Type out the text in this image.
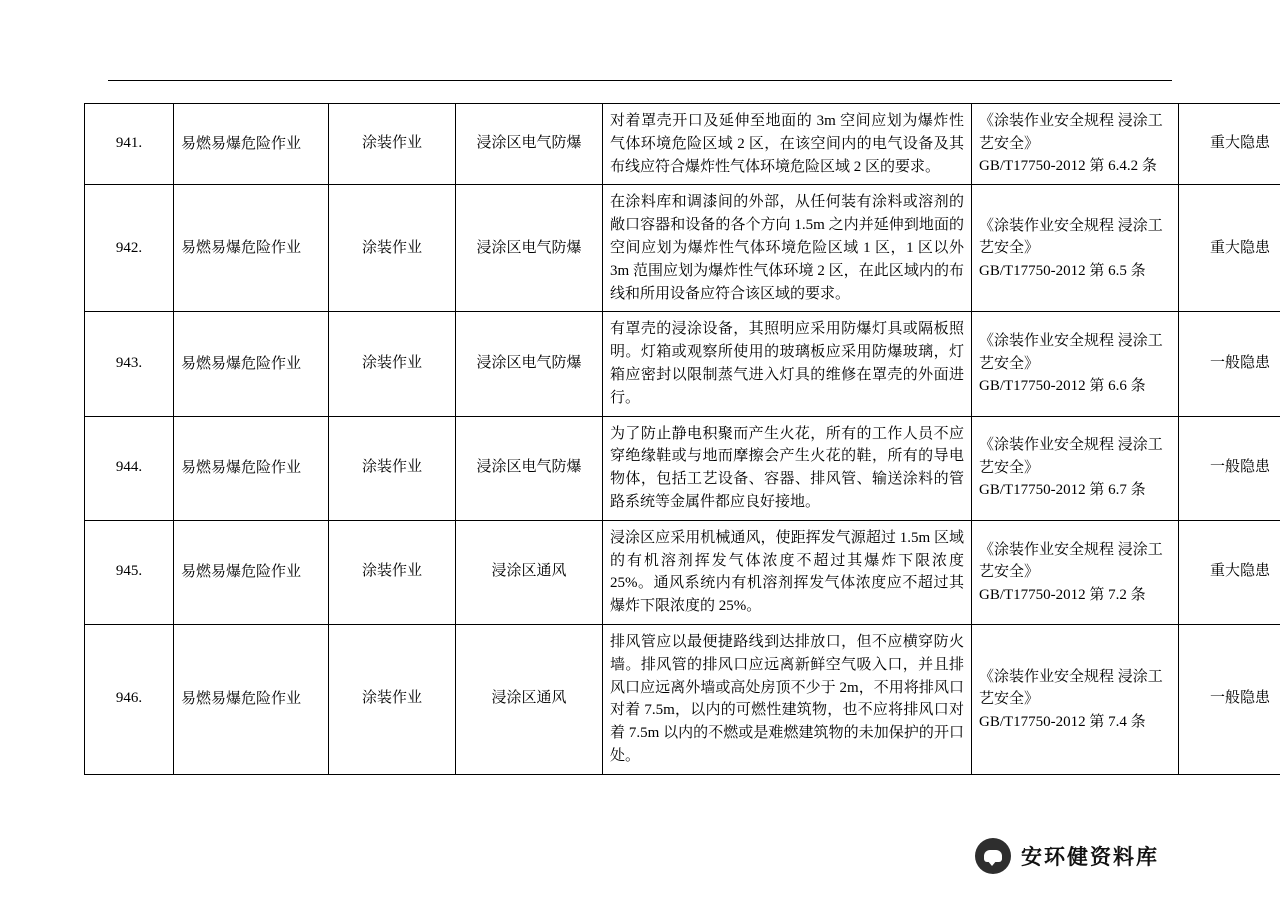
941.	易燃易爆危险作业	涂装作业	浸涂区电气防爆	对着罩壳开口及延伸至地面的 3m 空间应划为爆炸性气体环境危险区域 2 区，在该空间内的电气设备及其布线应符合爆炸性气体环境危险区域 2 区的要求。	《涂装作业安全规程 浸涂工艺安全》
GB/T17750-2012 第 6.4.2 条	重大隐患
942.	易燃易爆危险作业	涂装作业	浸涂区电气防爆	在涂料库和调漆间的外部，从任何装有涂料或溶剂的敞口容器和设备的各个方向 1.5m 之内并延伸到地面的空间应划为爆炸性气体环境危险区域 1 区，1 区以外 3m 范围应划为爆炸性气体环境 2 区，在此区域内的布线和所用设备应符合该区域的要求。	《涂装作业安全规程 浸涂工艺安全》
GB/T17750-2012 第 6.5 条	重大隐患
943.	易燃易爆危险作业	涂装作业	浸涂区电气防爆	有罩壳的浸涂设备，其照明应采用防爆灯具或隔板照明。灯箱或观察所使用的玻璃板应采用防爆玻璃，灯箱应密封以限制蒸气进入灯具的维修在罩壳的外面进行。	《涂装作业安全规程 浸涂工艺安全》
GB/T17750-2012 第 6.6 条	一般隐患
944.	易燃易爆危险作业	涂装作业	浸涂区电气防爆	为了防止静电积聚而产生火花，所有的工作人员不应穿绝缘鞋或与地而摩擦会产生火花的鞋，所有的导电物体，包括工艺设备、容器、排风管、输送涂料的管路系统等金属件都应良好接地。	《涂装作业安全规程 浸涂工艺安全》
GB/T17750-2012 第 6.7 条	一般隐患
945.	易燃易爆危险作业	涂装作业	浸涂区通风	浸涂区应采用机械通风，使距挥发气源超过 1.5m 区域的有机溶剂挥发气体浓度不超过其爆炸下限浓度 25%。通风系统内有机溶剂挥发气体浓度应不超过其爆炸下限浓度的 25%。	《涂装作业安全规程 浸涂工艺安全》
GB/T17750-2012 第 7.2 条	重大隐患
946.	易燃易爆危险作业	涂装作业	浸涂区通风	排风管应以最便捷路线到达排放口，但不应横穿防火墙。排风管的排风口应远离新鲜空气吸入口，并且排风口应远离外墙或高处房顶不少于 2m，不用将排风口对着 7.5m，以内的可燃性建筑物，也不应将排风口对着 7.5m 以内的不燃或是难燃建筑物的未加保护的开口处。	《涂装作业安全规程 浸涂工艺安全》
GB/T17750-2012 第 7.4 条	一般隐患
安环健资料库
